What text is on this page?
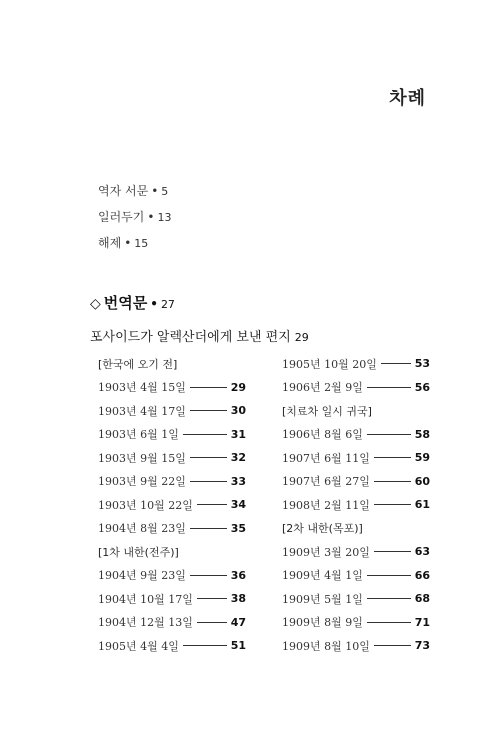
차례
역자 서문 • 5
일러두기 • 13
해제 • 15
◇ 번역문 • 27
포사이드가 알렉산더에게 보낸 편지 29
[한국에 오기 전]
1903년 4월 15일	29
1903년 4월 17일	30
1903년 6월 1일	31
1903년 9월 15일	32
1903년 9월 22일	33
1903년 10월 22일	34
1904년 8월 23일	35
[1차 내한(전주)]
1904년 9월 23일	36
1904년 10월 17일	38
1904년 12월 13일	47
1905년 4월 4일	51
1905년 10월 20일	53
1906년 2월 9일	56
[치료차 일시 귀국]
1906년 8월 6일	58
1907년 6월 11일	59
1907년 6월 27일	60
1908년 2월 11일	61
[2차 내한(목포)]
1909년 3월 20일	63
1909년 4월 1일	66
1909년 5월 1일	68
1909년 8월 9일	71
1909년 8월 10일	73
